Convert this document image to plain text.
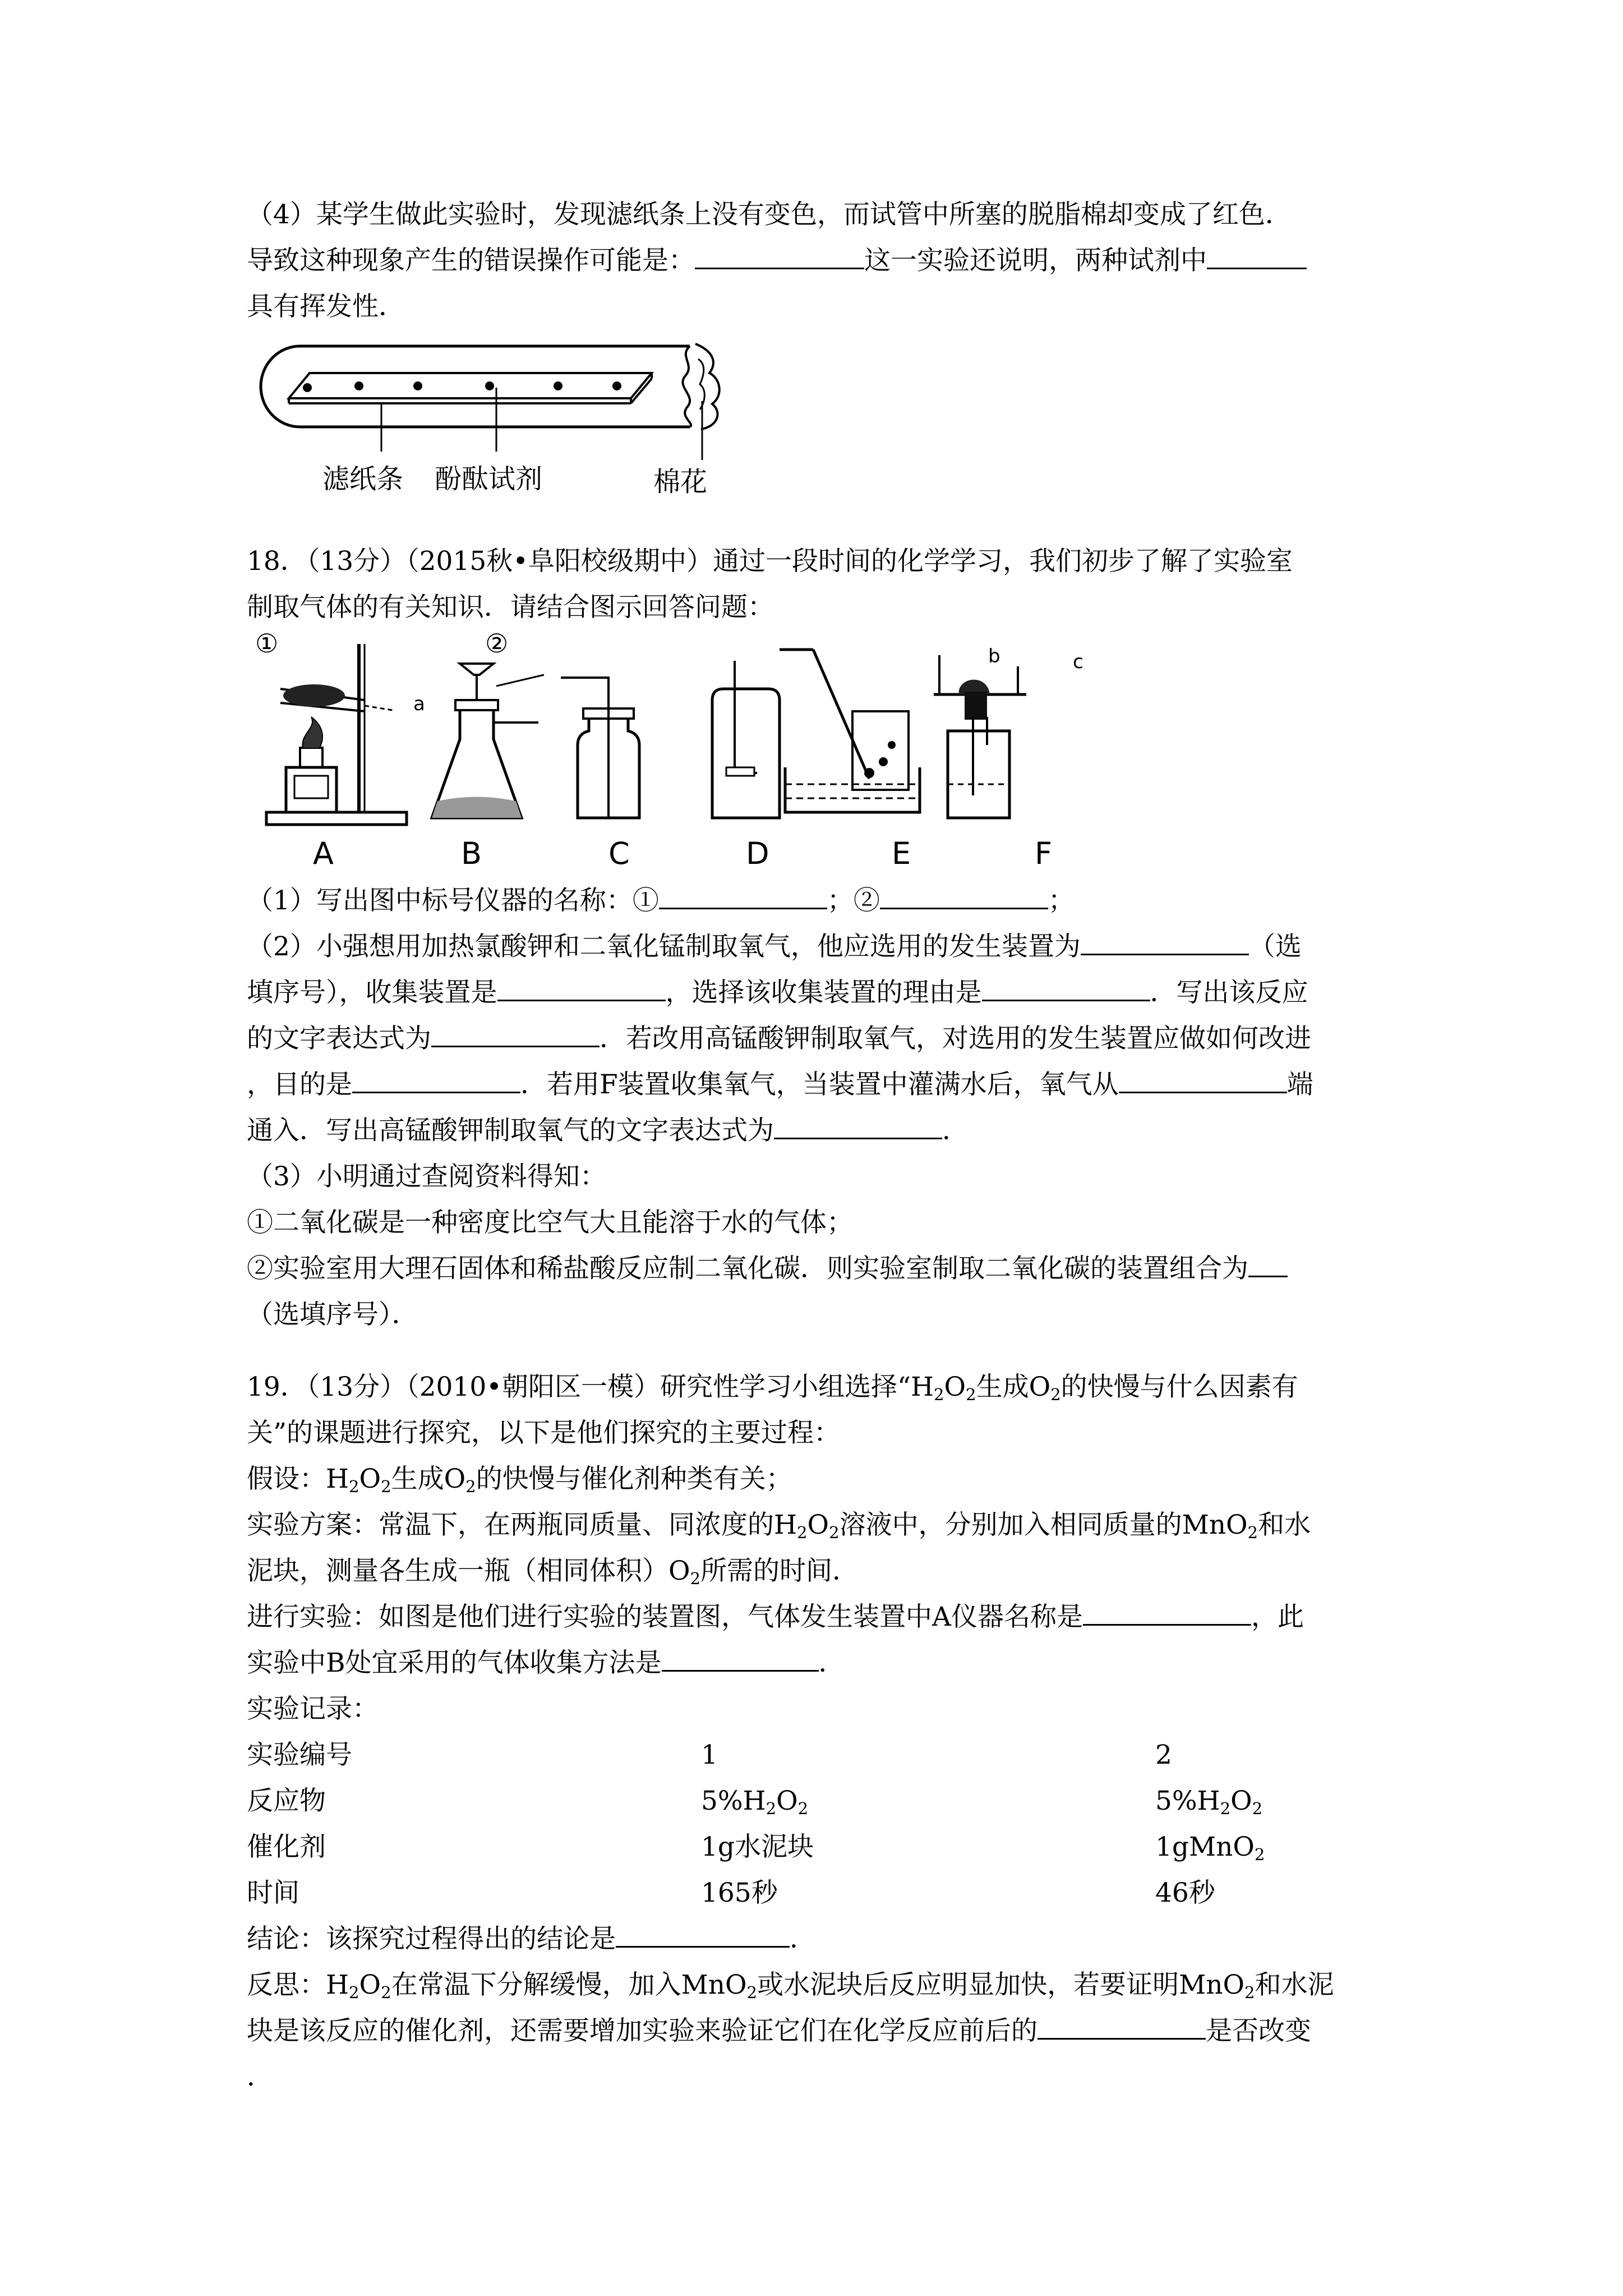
（4）某学生做此实验时，发现滤纸条上没有变色，而试管中所塞的脱脂棉却变成了红色．
导致这种现象产生的错误操作可能是：	这一实验还说明，两种试剂中
具有挥发性．
滤纸条 酚酞试剂	棉花
18．（13分）（2015秋•阜阳校级期中）通过一段时间的化学学习，我们初步了解了实验室
制取气体的有关知识．请结合图示回答问题：
①	②
a
b	c
A	B	C	D	E	F
（1）写出图中标号仪器的名称：①	；②	；
（2）小强想用加热氯酸钾和二氧化锰制取氧气，他应选用的发生装置为	（选
填序号），收集装置是	，选择该收集装置的理由是	．写出该反应
的文字表达式为	．若改用高锰酸钾制取氧气，对选用的发生装置应做如何改进
，目的是	．若用F装置收集氧气，当装置中灌满水后，氧气从	端
通入．写出高锰酸钾制取氧气的文字表达式为	．
（3）小明通过查阅资料得知：
①二氧化碳是一种密度比空气大且能溶于水的气体；
②实验室用大理石固体和稀盐酸反应制二氧化碳．则实验室制取二氧化碳的装置组合为
（选填序号）．
19．（13分）（2010•朝阳区一模）研究性学习小组选择“$H_2O_2$生成$O_2$的快慢与什么因素有
关”的课题进行探究，以下是他们探究的主要过程：
假设：$H_2O_2$生成$O_2$的快慢与催化剂种类有关；
实验方案：常温下，在两瓶同质量、同浓度的$H_2O_2$溶液中，分别加入相同质量的MnO$_2$和水
泥块，测量各生成一瓶（相同体积）$O_2$所需的时间．
进行实验：如图是他们进行实验的装置图，气体发生装置中A仪器名称是	，此
实验中B处宜采用的气体收集方法是	．
实验记录：
实验编号	1	2
反应物	$5\%H_2O_2$	$5\%H_2O_2$
催化剂	1g水泥块	1gMnO$_2$
时间	165秒	46秒
结论：该探究过程得出的结论是	．
反思：$H_2O_2$在常温下分解缓慢，加入MnO$_2$或水泥块后反应明显加快，若要证明MnO$_2$和水泥
块是该反应的催化剂，还需要增加实验来验证它们在化学反应前后的	是否改变
．
